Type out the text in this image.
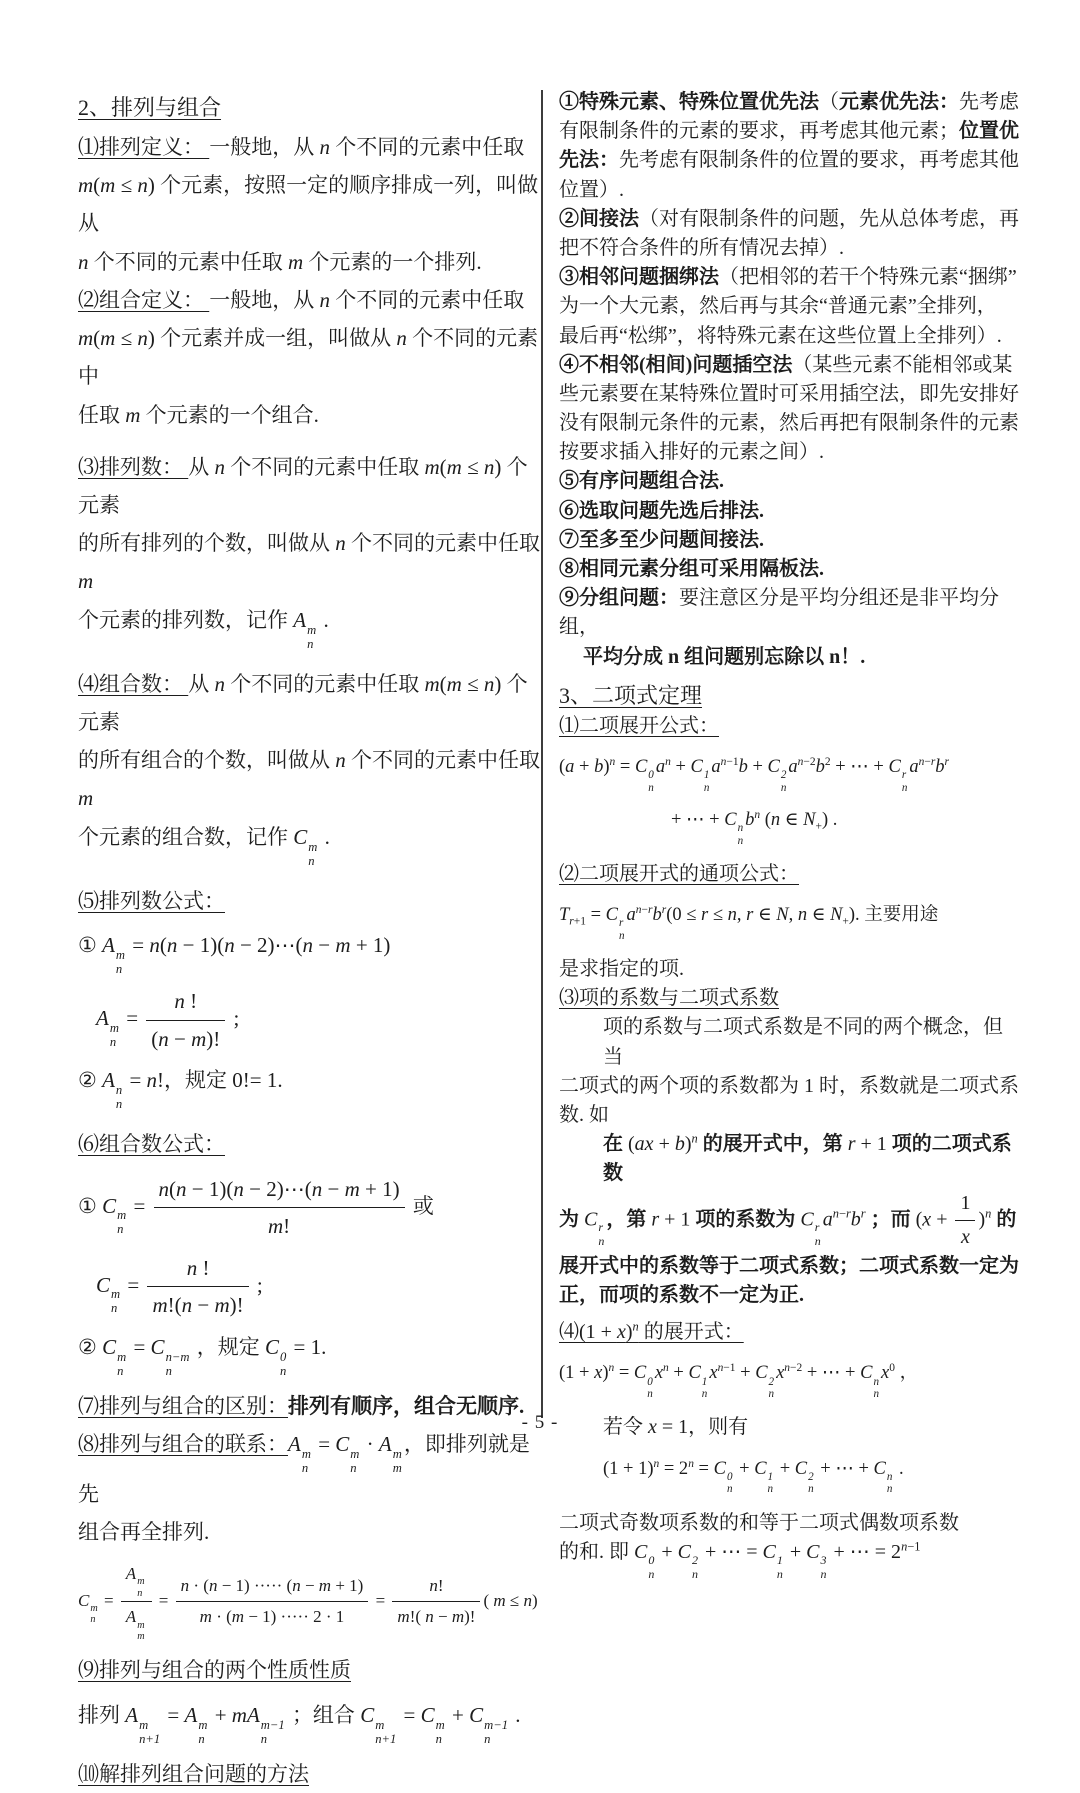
2、排列与组合
⑴排列定义： 一般地，从 n 个不同的元素中任取
m(m ≤ n) 个元素，按照一定的顺序排成一列，叫做从
n 个不同的元素中任取 m 个元素的一个排列.
⑵组合定义： 一般地，从 n 个不同的元素中任取
m(m ≤ n) 个元素并成一组，叫做从 n 个不同的元素中
任取 m 个元素的一个组合.
⑶排列数： 从 n 个不同的元素中任取 m(m ≤ n) 个元素
的所有排列的个数，叫做从 n 个不同的元素中任取 m
个元素的排列数，记作 A m
n
.
⑷组合数： 从 n 个不同的元素中任取 m(m ≤ n) 个元素
的所有组合的个数，叫做从 n 个不同的元素中任取 m
个元素的组合数，记作 C m
n
.
⑸排列数公式：
① A m
n
= n(n − 1)(n − 2)⋯(n − m + 1)
A m
n
= $\frac{n !}{(n - m)!}$ ;
② A n
n
= n!，规定 0!= 1.
⑹组合数公式：
① C m
n
= $\frac{n(n - 1)(n - 2)\cdots(n - m + 1)}{m!}$ 或
C m
n
= $\frac{n !}{m!(n - m)!}$ ;
② C m
n
= C n−m
n
，规定 C 0
n
= 1.
⑺排列与组合的区别：排列有顺序，组合无顺序.
⑻排列与组合的联系：A m
n
= C m
n
· A m
m
，即排列就是先
组合再全排列.
C m
n
= A m
n
A m
$m = \frac{n \cdot (n - 1) \cdot\cdot\cdot\cdot\cdot (n - m + 1)}{m \cdot (m - 1) \cdot\cdot\cdot\cdot\cdot 2 \cdot 1} = \frac{n!}{m!( n - m)!}$ ( m ≤ n)
⑼排列与组合的两个性质性质
排列 A m
n+1
= A m
n
+ mA m−1
n
；组合 C m
n+1
= C m
n
+ C m−1
n
.
⑽解排列组合问题的方法
①特殊元素、特殊位置优先法（元素优先法：先考虑
有限制条件的元素的要求，再考虑其他元素；位置优
先法：先考虑有限制条件的位置的要求，再考虑其他
位置）.
②间接法（对有限制条件的问题，先从总体考虑，再
把不符合条件的所有情况去掉）.
③相邻问题捆绑法（把相邻的若干个特殊元素“捆绑”
为一个大元素，然后再与其余“普通元素”全排列，
最后再“松绑”，将特殊元素在这些位置上全排列）.
④不相邻(相间)问题插空法（某些元素不能相邻或某
些元素要在某特殊位置时可采用插空法，即先安排好
没有限制元条件的元素，然后再把有限制条件的元素
按要求插入排好的元素之间）.
⑤有序问题组合法.
⑥选取问题先选后排法.
⑦至多至少问题间接法.
⑧相同元素分组可采用隔板法.
⑨分组问题：要注意区分是平均分组还是非平均分组，
平均分成 n 组问题别忘除以 n！.
3、二项式定理
⑴二项展开公式：
$(a + b)^n = C$ 0
n
$a^n + C$ 1
n
$a^{n-1}b + C$ 2
n
$a^{n-2}b^2$ + ⋯ + C r
n
$a^{n-r}b^r$
+ ⋯ + C n
n
$b^n$ (n ∈ $N_+$) .
⑵二项展开式的通项公式：
$T_{r+1} = C$ r
n
$a^{n-r}b^r(0 \le r \le n$, r ∈ N, n ∈ $N_+$). 主要用途
是求指定的项.
⑶项的系数与二项式系数
项的系数与二项式系数是不同的两个概念，但当
二项式的两个项的系数都为 1 时，系数就是二项式系
数. 如
在 (ax + b)$^n$ 的展开式中，第 r + 1 项的二项式系数
为 C r
n
，第 r + 1 项的系数为 C r
n
$a^{n-r}b^r$ ；而 $(x + \frac{1}{x} )^n$ 的
展开式中的系数等于二项式系数；二项式系数一定为
正，而项的系数不一定为正.
⑷(1 + x)$^n$ 的展开式：
$(1 + x)^n = C$ 0
n
$x^n + C$ 1
n
$x^{n-1} + C$ 2
n
$x^{n-2}$ + ⋯ + C n
n
$x^0$ ，
若令 x = 1，则有
$(1 + 1)^n = 2^n = C$ 0
n
+ C 1
n
+ C 2
n
+ ⋯ + C n
n
.
二项式奇数项系数的和等于二项式偶数项系数
的和. 即 C 0
n
+ C 2
n
+ ⋯ = C 1
n
+ C 3
n
+ ⋯ = $2^{n-1}$
- 5 -
